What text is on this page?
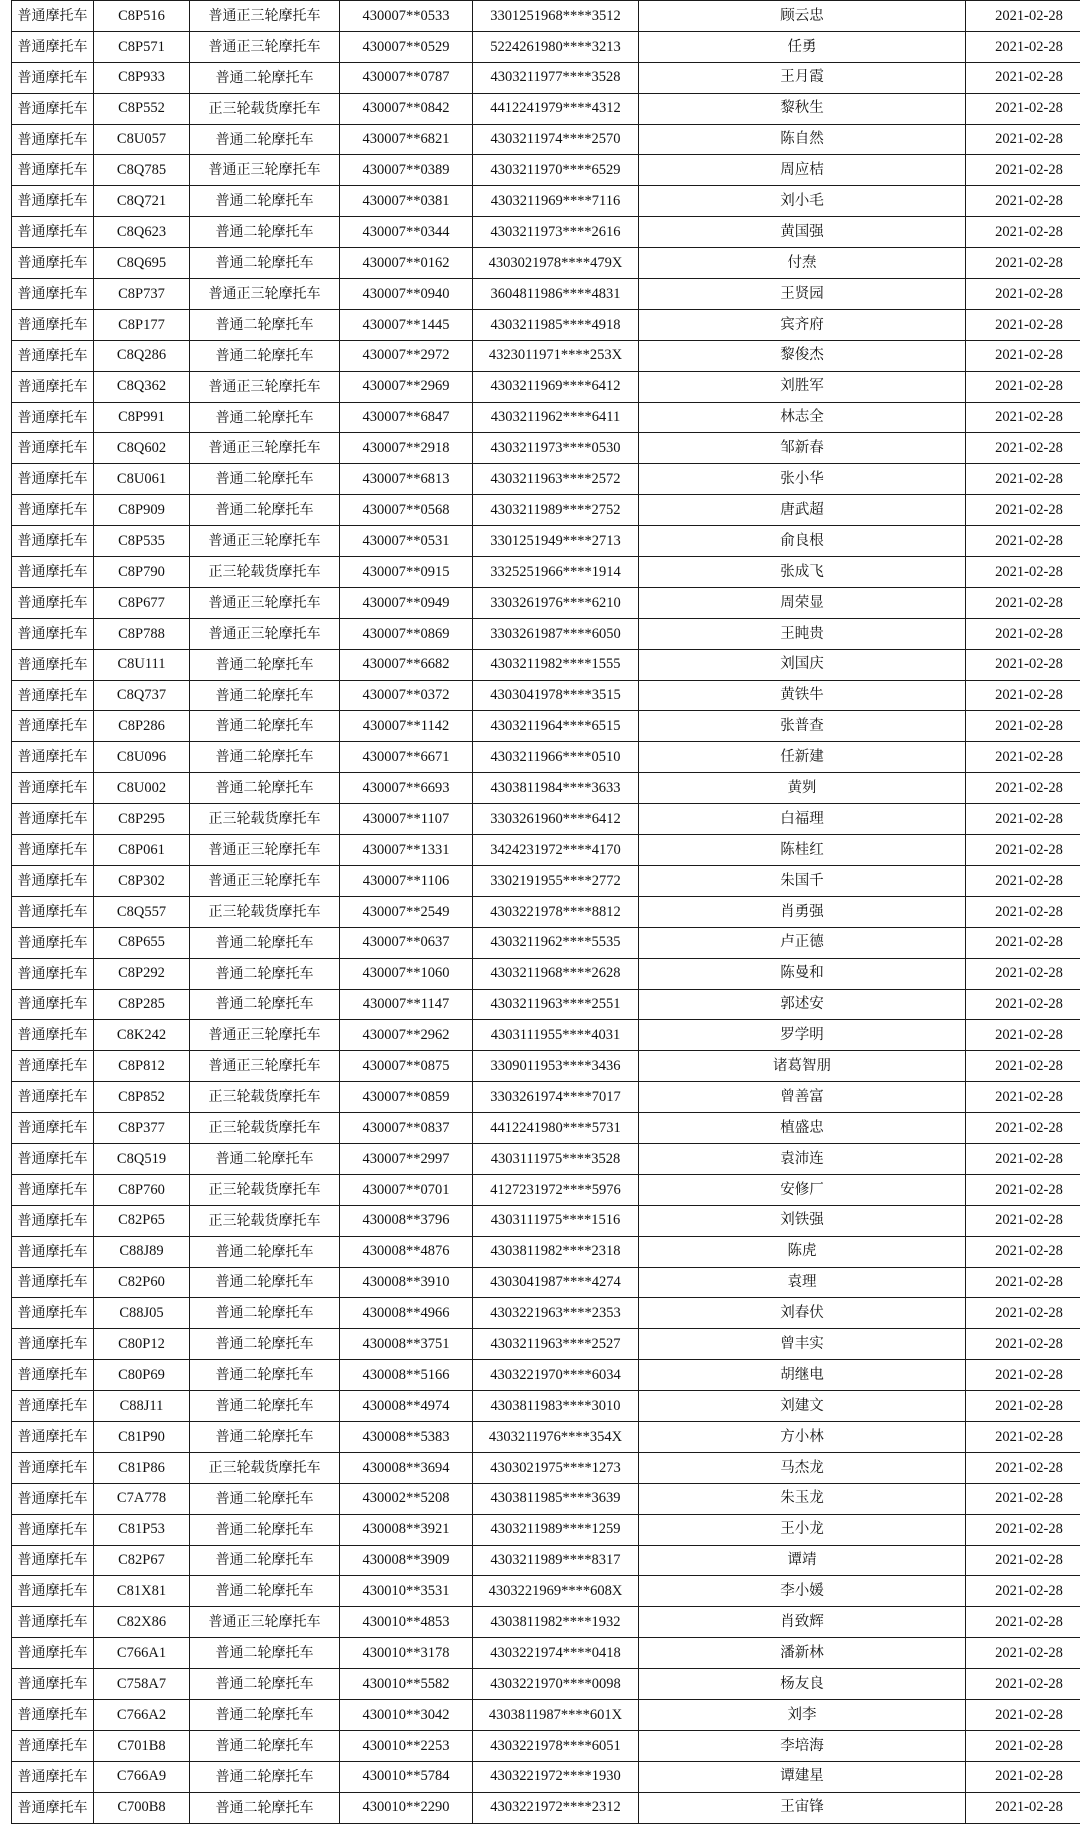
普通摩托车	C8P516	普通正三轮摩托车	430007**0533	3301251968****3512	顾云忠	2021-02-28
普通摩托车	C8P571	普通正三轮摩托车	430007**0529	5224261980****3213	任勇	2021-02-28
普通摩托车	C8P933	普通二轮摩托车	430007**0787	4303211977****3528	王月霞	2021-02-28
普通摩托车	C8P552	正三轮载货摩托车	430007**0842	4412241979****4312	黎秋生	2021-02-28
普通摩托车	C8U057	普通二轮摩托车	430007**6821	4303211974****2570	陈自然	2021-02-28
普通摩托车	C8Q785	普通正三轮摩托车	430007**0389	4303211970****6529	周应桔	2021-02-28
普通摩托车	C8Q721	普通二轮摩托车	430007**0381	4303211969****7116	刘小毛	2021-02-28
普通摩托车	C8Q623	普通二轮摩托车	430007**0344	4303211973****2616	黄国强	2021-02-28
普通摩托车	C8Q695	普通二轮摩托车	430007**0162	4303021978****479X	付焘	2021-02-28
普通摩托车	C8P737	普通正三轮摩托车	430007**0940	3604811986****4831	王贤园	2021-02-28
普通摩托车	C8P177	普通二轮摩托车	430007**1445	4303211985****4918	宾齐府	2021-02-28
普通摩托车	C8Q286	普通二轮摩托车	430007**2972	4323011971****253X	黎俊杰	2021-02-28
普通摩托车	C8Q362	普通正三轮摩托车	430007**2969	4303211969****6412	刘胜军	2021-02-28
普通摩托车	C8P991	普通二轮摩托车	430007**6847	4303211962****6411	林志全	2021-02-28
普通摩托车	C8Q602	普通正三轮摩托车	430007**2918	4303211973****0530	邹新春	2021-02-28
普通摩托车	C8U061	普通二轮摩托车	430007**6813	4303211963****2572	张小华	2021-02-28
普通摩托车	C8P909	普通二轮摩托车	430007**0568	4303211989****2752	唐武超	2021-02-28
普通摩托车	C8P535	普通正三轮摩托车	430007**0531	3301251949****2713	俞良根	2021-02-28
普通摩托车	C8P790	正三轮载货摩托车	430007**0915	3325251966****1914	张成飞	2021-02-28
普通摩托车	C8P677	普通正三轮摩托车	430007**0949	3303261976****6210	周荣显	2021-02-28
普通摩托车	C8P788	普通正三轮摩托车	430007**0869	3303261987****6050	王盹贵	2021-02-28
普通摩托车	C8U111	普通二轮摩托车	430007**6682	4303211982****1555	刘国庆	2021-02-28
普通摩托车	C8Q737	普通二轮摩托车	430007**0372	4303041978****3515	黄铁牛	2021-02-28
普通摩托车	C8P286	普通二轮摩托车	430007**1142	4303211964****6515	张普查	2021-02-28
普通摩托车	C8U096	普通二轮摩托车	430007**6671	4303211966****0510	任新建	2021-02-28
普通摩托车	C8U002	普通二轮摩托车	430007**6693	4303811984****3633	黄刿	2021-02-28
普通摩托车	C8P295	正三轮载货摩托车	430007**1107	3303261960****6412	白福理	2021-02-28
普通摩托车	C8P061	普通正三轮摩托车	430007**1331	3424231972****4170	陈桂红	2021-02-28
普通摩托车	C8P302	普通正三轮摩托车	430007**1106	3302191955****2772	朱国千	2021-02-28
普通摩托车	C8Q557	正三轮载货摩托车	430007**2549	4303221978****8812	肖勇强	2021-02-28
普通摩托车	C8P655	普通二轮摩托车	430007**0637	4303211962****5535	卢正德	2021-02-28
普通摩托车	C8P292	普通二轮摩托车	430007**1060	4303211968****2628	陈曼和	2021-02-28
普通摩托车	C8P285	普通二轮摩托车	430007**1147	4303211963****2551	郭述安	2021-02-28
普通摩托车	C8K242	普通正三轮摩托车	430007**2962	4303111955****4031	罗学明	2021-02-28
普通摩托车	C8P812	普通正三轮摩托车	430007**0875	3309011953****3436	诸葛智朋	2021-02-28
普通摩托车	C8P852	正三轮载货摩托车	430007**0859	3303261974****7017	曾善富	2021-02-28
普通摩托车	C8P377	正三轮载货摩托车	430007**0837	4412241980****5731	植盛忠	2021-02-28
普通摩托车	C8Q519	普通二轮摩托车	430007**2997	4303111975****3528	袁沛连	2021-02-28
普通摩托车	C8P760	正三轮载货摩托车	430007**0701	4127231972****5976	安修厂	2021-02-28
普通摩托车	C82P65	正三轮载货摩托车	430008**3796	4303111975****1516	刘铁强	2021-02-28
普通摩托车	C88J89	普通二轮摩托车	430008**4876	4303811982****2318	陈虎	2021-02-28
普通摩托车	C82P60	普通二轮摩托车	430008**3910	4303041987****4274	袁理	2021-02-28
普通摩托车	C88J05	普通二轮摩托车	430008**4966	4303221963****2353	刘春伏	2021-02-28
普通摩托车	C80P12	普通二轮摩托车	430008**3751	4303211963****2527	曾丰实	2021-02-28
普通摩托车	C80P69	普通二轮摩托车	430008**5166	4303221970****6034	胡继电	2021-02-28
普通摩托车	C88J11	普通二轮摩托车	430008**4974	4303811983****3010	刘建文	2021-02-28
普通摩托车	C81P90	普通二轮摩托车	430008**5383	4303211976****354X	方小林	2021-02-28
普通摩托车	C81P86	正三轮载货摩托车	430008**3694	4303021975****1273	马杰龙	2021-02-28
普通摩托车	C7A778	普通二轮摩托车	430002**5208	4303811985****3639	朱玉龙	2021-02-28
普通摩托车	C81P53	普通二轮摩托车	430008**3921	4303211989****1259	王小龙	2021-02-28
普通摩托车	C82P67	普通二轮摩托车	430008**3909	4303211989****8317	谭靖	2021-02-28
普通摩托车	C81X81	普通二轮摩托车	430010**3531	4303221969****608X	李小媛	2021-02-28
普通摩托车	C82X86	普通正三轮摩托车	430010**4853	4303811982****1932	肖致辉	2021-02-28
普通摩托车	C766A1	普通二轮摩托车	430010**3178	4303221974****0418	潘新林	2021-02-28
普通摩托车	C758A7	普通二轮摩托车	430010**5582	4303221970****0098	杨友良	2021-02-28
普通摩托车	C766A2	普通二轮摩托车	430010**3042	4303811987****601X	刘李	2021-02-28
普通摩托车	C701B8	普通二轮摩托车	430010**2253	4303221978****6051	李培海	2021-02-28
普通摩托车	C766A9	普通二轮摩托车	430010**5784	4303221972****1930	谭建星	2021-02-28
普通摩托车	C700B8	普通二轮摩托车	430010**2290	4303221972****2312	王宙锋	2021-02-28
